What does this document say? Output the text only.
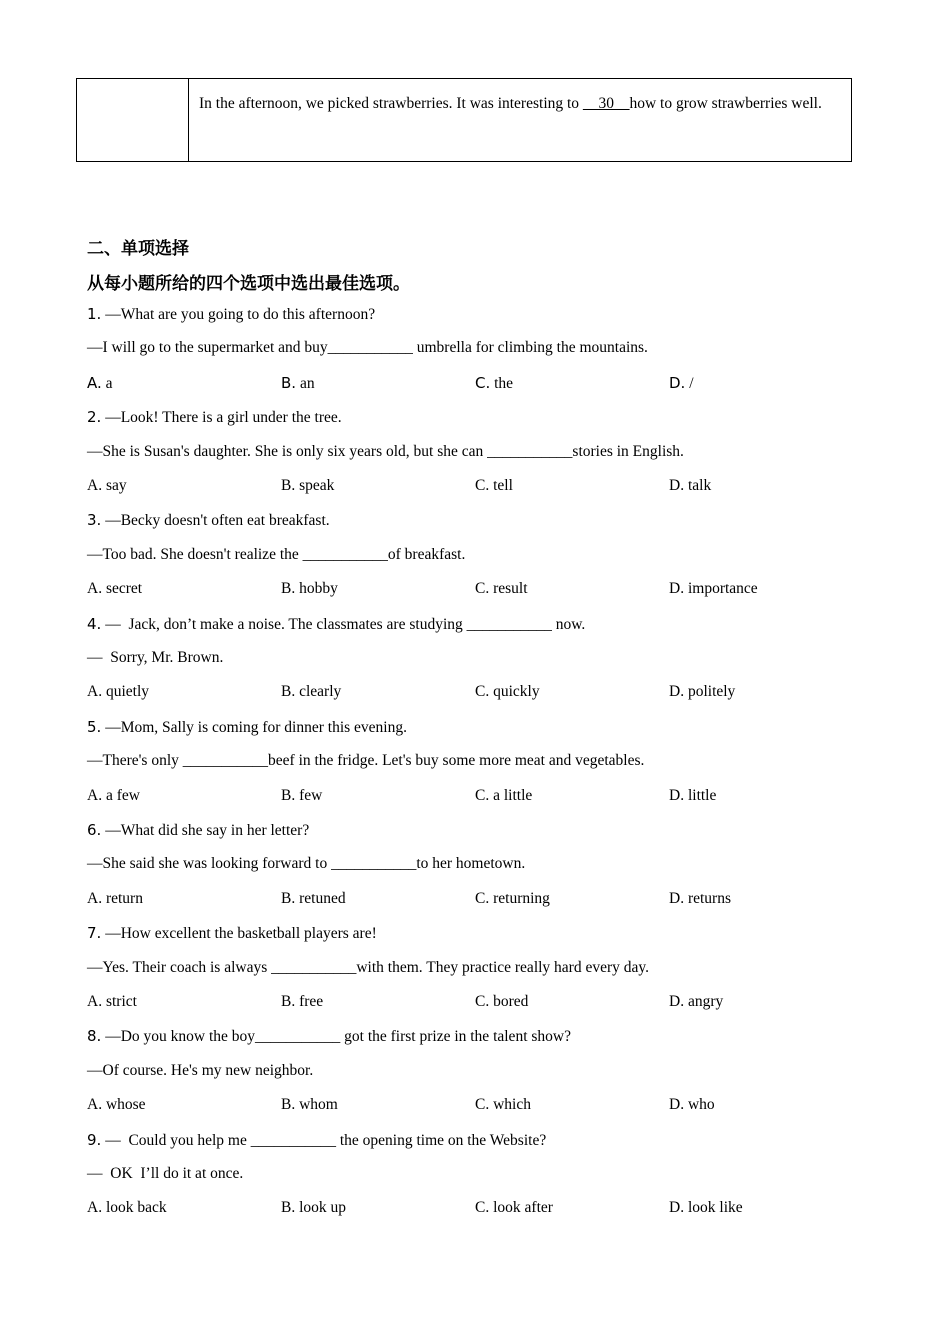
In the afternoon, we picked strawberries. It was interesting to __30__how to grow strawberries well.
二、单项选择
从每小题所给的四个选项中选出最佳选项。
1. —What are you going to do this afternoon?
—I will go to the supermarket and buy___________ umbrella for climbing the mountains.
A. a	B. an	C. the	D. /
2. —Look! There is a girl under the tree.
—She is Susan's daughter. She is only six years old, but she can ___________stories in English.
A. say	B. speak	C. tell	D. talk
3. —Becky doesn't often eat breakfast.
—Too bad. She doesn't realize the ___________of breakfast.
A. secret	B. hobby	C. result	D. importance
4. —  Jack, don’t make a noise. The classmates are studying ___________ now.
—  Sorry, Mr. Brown.
A. quietly	B. clearly	C. quickly	D. politely
5. —Mom, Sally is coming for dinner this evening.
—There's only ___________beef in the fridge. Let's buy some more meat and vegetables.
A. a few	B. few	C. a little	D. little
6. —What did she say in her letter?
—She said she was looking forward to ___________to her hometown.
A. return	B. retuned	C. returning	D. returns
7. —How excellent the basketball players are!
—Yes. Their coach is always ___________with them. They practice really hard every day.
A. strict	B. free	C. bored	D. angry
8. —Do you know the boy___________ got the first prize in the talent show?
—Of course. He's my new neighbor.
A. whose	B. whom	C. which	D. who
9. —  Could you help me ___________ the opening time on the Website?
—  OK  I’ll do it at once.
A. look back	B. look up	C. look after	D. look like
